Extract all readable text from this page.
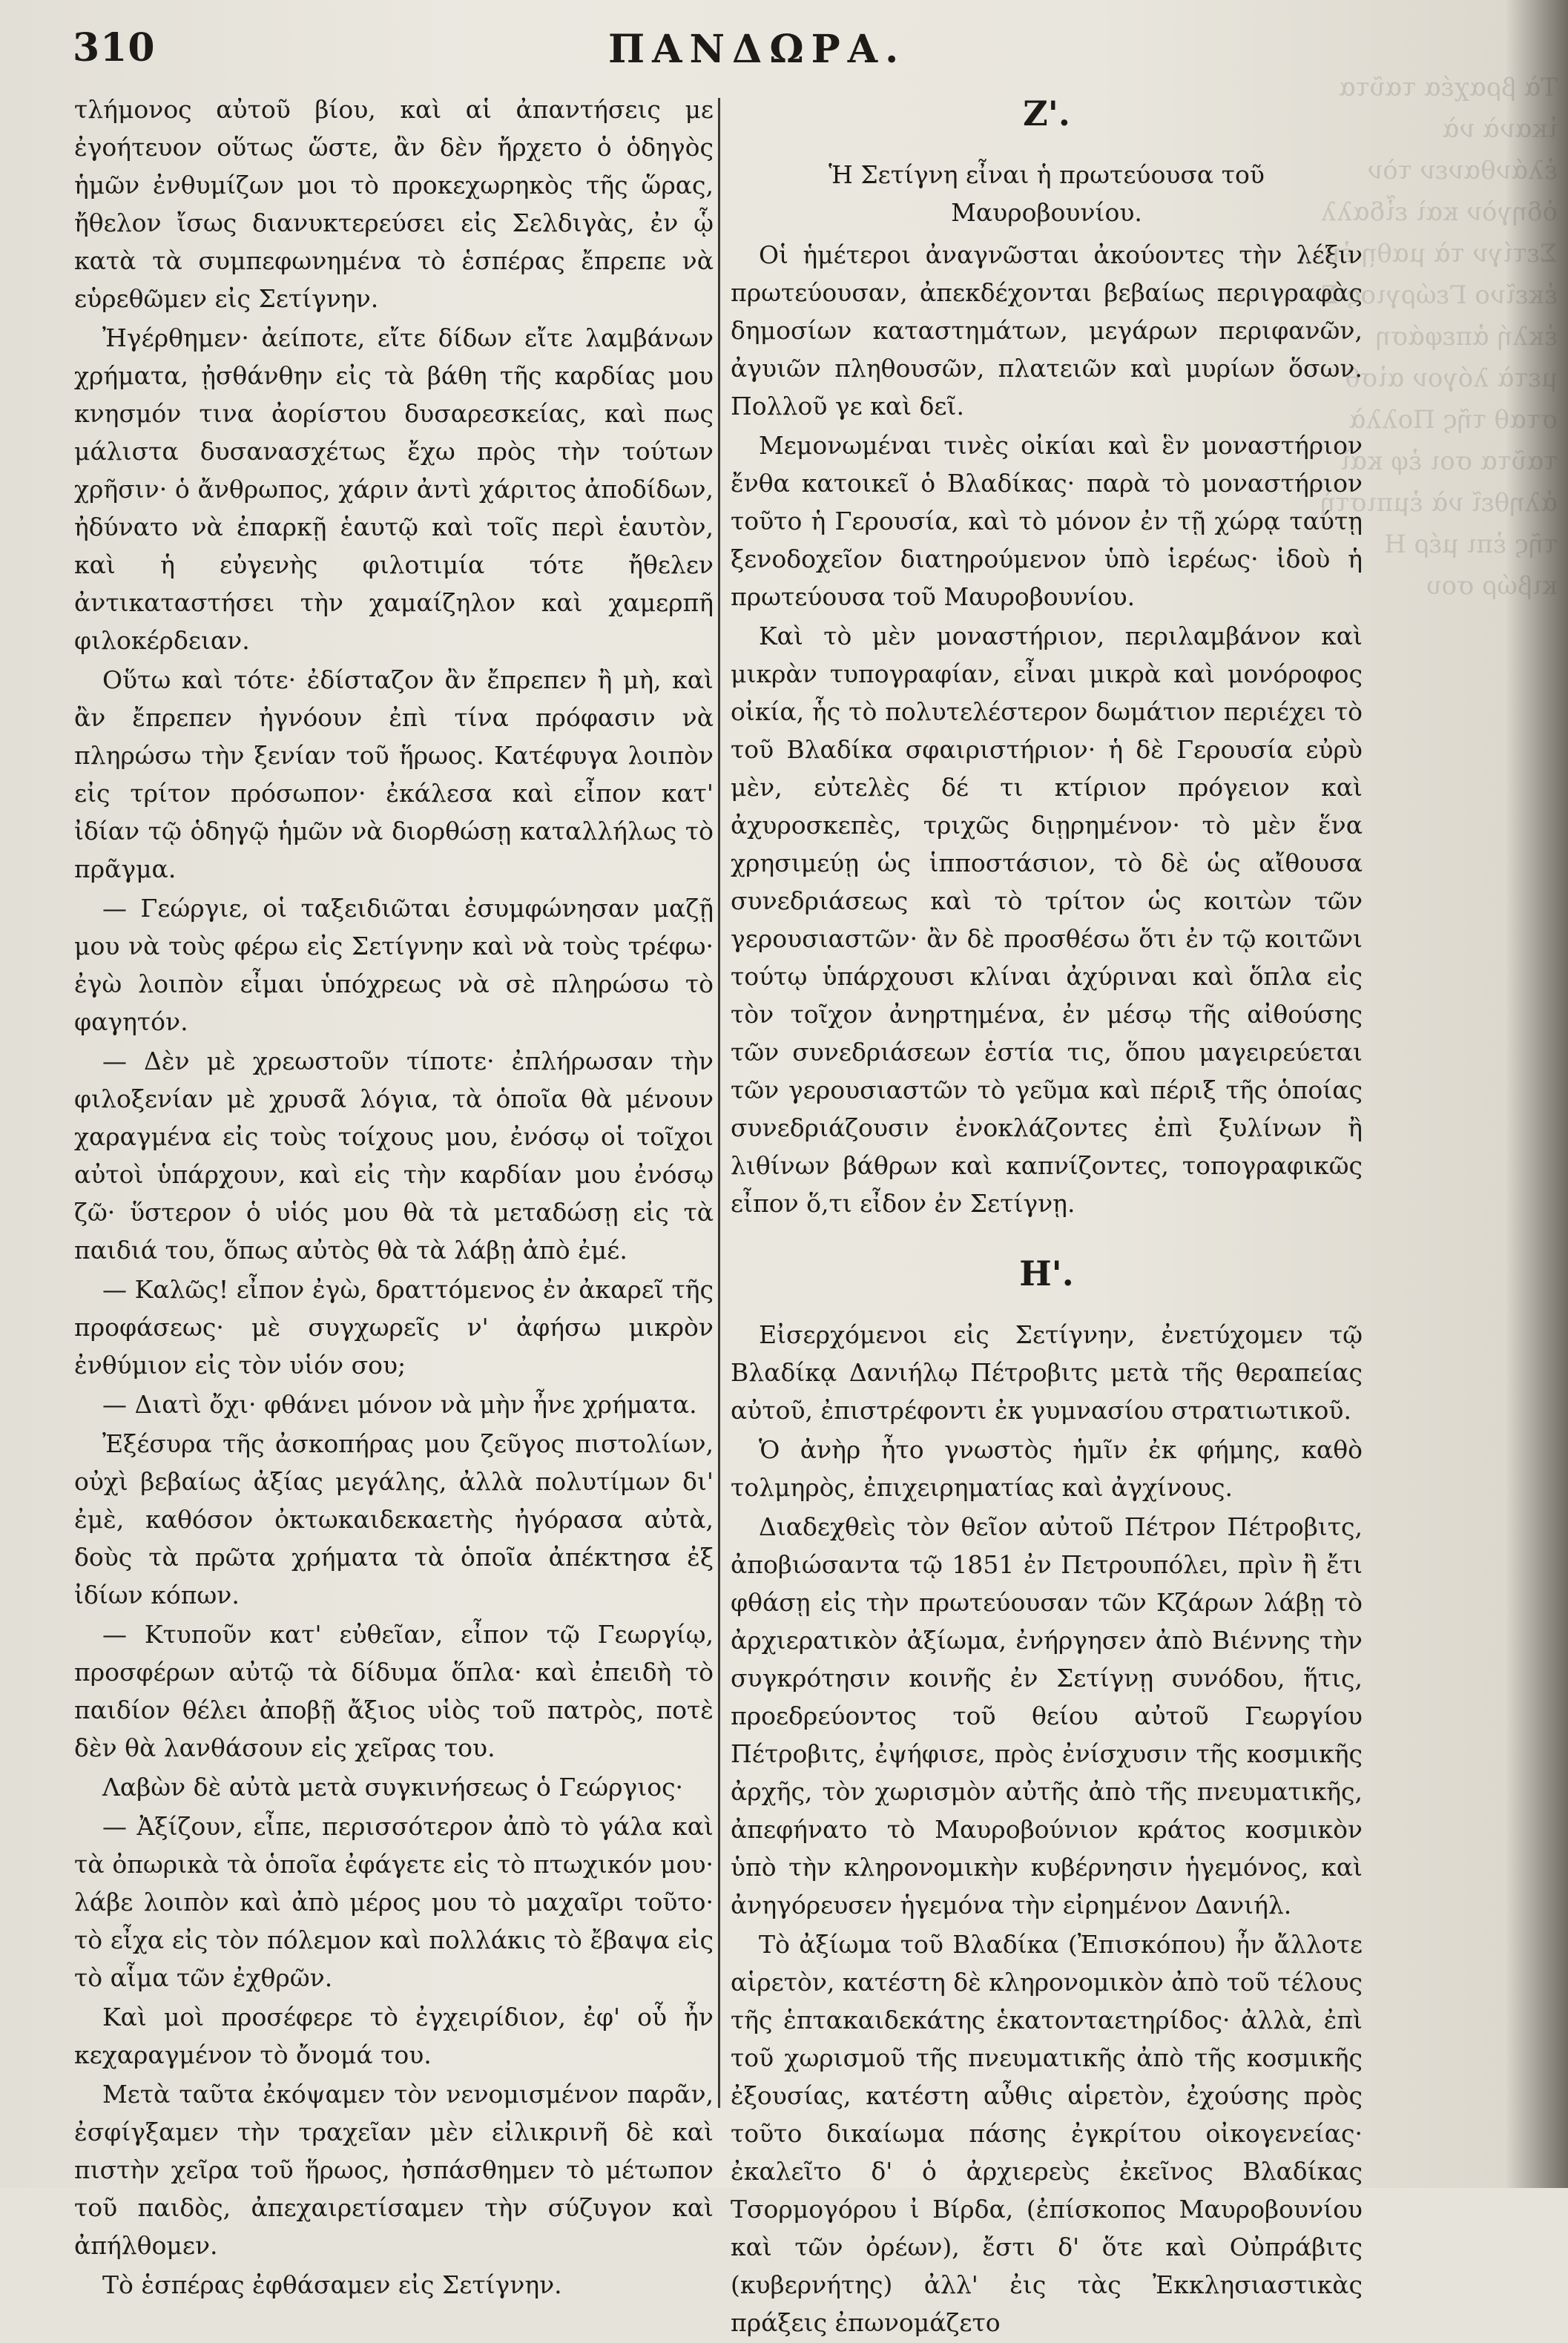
Τὰ βραχέα ταῦτα ἱκανὰ νὰ ἐλάνθανεν τὸν ὁδηγὸν καὶ εἶδαλλ Σετίγν τὰ μαθῃ ἐν ἐκεῖνο Γεώργιος Σ ἐκλή ἀπεφάση μετὰ λόγον αἰσθ σταθ τῆς Πολλὰ ταῦτα σοι ἐφ καὶ ἀληθεῖ νὰ ἐμπιστὴ τῆς ἐπι μέρ Η κιβώρ σου
310	ΠΑΝΔΩΡΑ.

τλήμονος αὐτοῦ βίου, καὶ αἱ ἀπαντήσεις με ἐγοήτευον οὕτως ὥστε, ἂν δὲν ἤρχετο ὁ ὁδηγὸς ἡμῶν ἐνθυμίζων μοι τὸ προκεχωρηκὸς τῆς ὥρας, ἤθελον ἴσως διανυκτερεύσει εἰς Σελδιγὰς, ἐν ᾧ κατὰ τὰ συμπεφωνημένα τὸ ἑσπέρας ἔπρεπε νὰ εὑρεθῶμεν εἰς Σετίγνην.

Ἠγέρθημεν· ἀείποτε, εἴτε δίδων εἴτε λαμβάνων χρήματα, ᾐσθάνθην εἰς τὰ βάθη τῆς καρδίας μου κνησμόν τινα ἀορίστου δυσαρεσκείας, καὶ πως μάλιστα δυσανασχέτως ἔχω πρὸς τὴν τούτων χρῆσιν· ὁ ἄνθρωπος, χάριν ἀντὶ χάριτος ἀποδίδων, ἠδύνατο νὰ ἐπαρκῇ ἑαυτῷ καὶ τοῖς περὶ ἑαυτὸν, καὶ ἡ εὐγενὴς φιλοτιμία τότε ἤθελεν ἀντικαταστήσει τὴν χαμαίζηλον καὶ χαμερπῆ φιλοκέρδειαν.

Οὕτω καὶ τότε· ἐδίσταζον ἂν ἔπρεπεν ἢ μὴ, καὶ ἂν ἔπρεπεν ἠγνόουν ἐπὶ τίνα πρόφασιν νὰ πληρώσω τὴν ξενίαν τοῦ ἥρωος. Κατέφυγα λοιπὸν εἰς τρίτον πρόσωπον· ἐκάλεσα καὶ εἶπον κατ' ἰδίαν τῷ ὁδηγῷ ἡμῶν νὰ διορθώσῃ καταλλήλως τὸ πρᾶγμα.

— Γεώργιε, οἱ ταξειδιῶται ἐσυμφώνησαν μαζῇ μου νὰ τοὺς φέρω εἰς Σετίγνην καὶ νὰ τοὺς τρέφω· ἐγὼ λοιπὸν εἶμαι ὑπόχρεως νὰ σὲ πληρώσω τὸ φαγητόν.

— Δὲν μὲ χρεωστοῦν τίποτε· ἐπλήρωσαν τὴν φιλοξενίαν μὲ χρυσᾶ λόγια, τὰ ὁποῖα θὰ μένουν χαραγμένα εἰς τοὺς τοίχους μου, ἐνόσῳ οἱ τοῖχοι αὐτοὶ ὑπάρχουν, καὶ εἰς τὴν καρδίαν μου ἐνόσῳ ζῶ· ὕστερον ὁ υἱός μου θὰ τὰ μεταδώσῃ εἰς τὰ παιδιά του, ὅπως αὐτὸς θὰ τὰ λάβῃ ἀπὸ ἐμέ.

— Καλῶς! εἶπον ἐγὼ, δραττόμενος ἐν ἀκαρεῖ τῆς προφάσεως· μὲ συγχωρεῖς ν' ἀφήσω μικρὸν ἐνθύμιον εἰς τὸν υἱόν σου;

— Διατὶ ὄχι· φθάνει μόνον νὰ μὴν ἦνε χρήματα.

Ἐξέσυρα τῆς ἀσκοπήρας μου ζεῦγος πιστολίων, οὐχὶ βεβαίως ἀξίας μεγάλης, ἀλλὰ πολυτίμων δι' ἐμὲ, καθόσον ὀκτωκαιδεκαετὴς ἠγόρασα αὐτὰ, δοὺς τὰ πρῶτα χρήματα τὰ ὁποῖα ἀπέκτησα ἐξ ἰδίων κόπων.

— Κτυποῦν κατ' εὐθεῖαν, εἶπον τῷ Γεωργίῳ, προσφέρων αὐτῷ τὰ δίδυμα ὅπλα· καὶ ἐπειδὴ τὸ παιδίον θέλει ἀποβῇ ἄξιος υἱὸς τοῦ πατρὸς, ποτὲ δὲν θὰ λανθάσουν εἰς χεῖρας του.

Λαβὼν δὲ αὐτὰ μετὰ συγκινήσεως ὁ Γεώργιος·

— Ἀξίζουν, εἶπε, περισσότερον ἀπὸ τὸ γάλα καὶ τὰ ὀπωρικὰ τὰ ὁποῖα ἐφάγετε εἰς τὸ πτωχικόν μου· λάβε λοιπὸν καὶ ἀπὸ μέρος μου τὸ μαχαῖρι τοῦτο· τὸ εἶχα εἰς τὸν πόλεμον καὶ πολλάκις τὸ ἔβαψα εἰς τὸ αἷμα τῶν ἐχθρῶν.

Καὶ μοὶ προσέφερε τὸ ἐγχειρίδιον, ἐφ' οὗ ἦν κεχαραγμένον τὸ ὄνομά του.

Μετὰ ταῦτα ἐκόψαμεν τὸν νενομισμένον παρᾶν, ἐσφίγξαμεν τὴν τραχεῖαν μὲν εἰλικρινῆ δὲ καὶ πιστὴν χεῖρα τοῦ ἥρωος, ἠσπάσθημεν τὸ μέτωπον τοῦ παιδὸς, ἀπεχαιρετίσαμεν τὴν σύζυγον καὶ ἀπήλθομεν.

Τὸ ἑσπέρας ἐφθάσαμεν εἰς Σετίγνην.

Ζ'.

Ἡ Σετίγνη εἶναι ἡ πρωτεύουσα τοῦ Μαυροβουνίου.

Οἱ ἡμέτεροι ἀναγνῶσται ἀκούοντες τὴν λέξιν πρωτεύουσαν, ἀπεκδέχονται βεβαίως περιγραφὰς δημοσίων καταστημάτων, μεγάρων περιφανῶν, ἀγυιῶν πληθουσῶν, πλατειῶν καὶ μυρίων ὅσων. Πολλοῦ γε καὶ δεῖ.

Μεμονωμέναι τινὲς οἰκίαι καὶ ἓν μοναστήριον ἔνθα κατοικεῖ ὁ Βλαδίκας· παρὰ τὸ μοναστήριον τοῦτο ἡ Γερουσία, καὶ τὸ μόνον ἐν τῇ χώρᾳ ταύτῃ ξενοδοχεῖον διατηρούμενον ὑπὸ ἱερέως· ἰδοὺ ἡ πρωτεύουσα τοῦ Μαυροβουνίου.

Καὶ τὸ μὲν μοναστήριον, περιλαμβάνον καὶ μικρὰν τυπογραφίαν, εἶναι μικρὰ καὶ μονόροφος οἰκία, ἧς τὸ πολυτελέστερον δωμάτιον περιέχει τὸ τοῦ Βλαδίκα σφαιριστήριον· ἡ δὲ Γερουσία εὐρὺ μὲν, εὐτελὲς δέ τι κτίριον πρόγειον καὶ ἀχυροσκεπὲς, τριχῶς διῃρημένον· τὸ μὲν ἕνα χρησιμεύῃ ὡς ἱπποστάσιον, τὸ δὲ ὡς αἴθουσα συνεδριάσεως καὶ τὸ τρίτον ὡς κοιτὼν τῶν γερουσιαστῶν· ἂν δὲ προσθέσω ὅτι ἐν τῷ κοιτῶνι τούτῳ ὑπάρχουσι κλίναι ἀχύριναι καὶ ὅπλα εἰς τὸν τοῖχον ἀνηρτημένα, ἐν μέσῳ τῆς αἰθούσης τῶν συνεδριάσεων ἑστία τις, ὅπου μαγειρεύεται τῶν γερουσιαστῶν τὸ γεῦμα καὶ πέριξ τῆς ὁποίας συνεδριάζουσιν ἐνοκλάζοντες ἐπὶ ξυλίνων ἢ λιθίνων βάθρων καὶ καπνίζοντες, τοπογραφικῶς εἶπον ὅ,τι εἶδον ἐν Σετίγνῃ.

Η'.

Εἰσερχόμενοι εἰς Σετίγνην, ἐνετύχομεν τῷ Βλαδίκᾳ Δανιήλῳ Πέτροβιτς μετὰ τῆς θεραπείας αὐτοῦ, ἐπιστρέφοντι ἐκ γυμνασίου στρατιωτικοῦ.

Ὁ ἀνὴρ ἦτο γνωστὸς ἡμῖν ἐκ φήμης, καθὸ τολμηρὸς, ἐπιχειρηματίας καὶ ἀγχίνους.

Διαδεχθεὶς τὸν θεῖον αὐτοῦ Πέτρον Πέτροβιτς, ἀποβιώσαντα τῷ 1851 ἐν Πετρουπόλει, πρὶν ἢ ἔτι φθάσῃ εἰς τὴν πρωτεύουσαν τῶν Κζάρων λάβῃ τὸ ἀρχιερατικὸν ἀξίωμα, ἐνήργησεν ἀπὸ Βιέννης τὴν συγκρότησιν κοινῆς ἐν Σετίγνῃ συνόδου, ἥτις, προεδρεύοντος τοῦ θείου αὐτοῦ Γεωργίου Πέτροβιτς, ἐψήφισε, πρὸς ἐνίσχυσιν τῆς κοσμικῆς ἀρχῆς, τὸν χωρισμὸν αὐτῆς ἀπὸ τῆς πνευματικῆς, ἀπεφήνατο τὸ Μαυροβούνιον κράτος κοσμικὸν ὑπὸ τὴν κληρονομικὴν κυβέρνησιν ἡγεμόνος, καὶ ἀνηγόρευσεν ἡγεμόνα τὴν εἰρημένον Δανιήλ.

Τὸ ἀξίωμα τοῦ Βλαδίκα (Ἐπισκόπου) ἦν ἄλλοτε αἱρετὸν, κατέστη δὲ κληρονομικὸν ἀπὸ τοῦ τέλους τῆς ἑπτακαιδεκάτης ἑκατονταετηρίδος· ἀλλὰ, ἐπὶ τοῦ χωρισμοῦ τῆς πνευματικῆς ἀπὸ τῆς κοσμικῆς ἐξουσίας, κατέστη αὖθις αἱρετὸν, ἐχούσης πρὸς τοῦτο δικαίωμα πάσης ἐγκρίτου οἰκογενείας· ἐκαλεῖτο δ' ὁ ἀρχιερεὺς ἐκεῖνος Βλαδίκας Τσορμογόρου ἰ Βίρδα, (ἐπίσκοπος Μαυροβουνίου καὶ τῶν ὀρέων), ἔστι δ' ὅτε καὶ Οὐπράβιτς (κυβερνήτης) ἀλλ' ἐις τὰς Ἐκκλησιαστικὰς πράξεις ἐπωνομάζετο
